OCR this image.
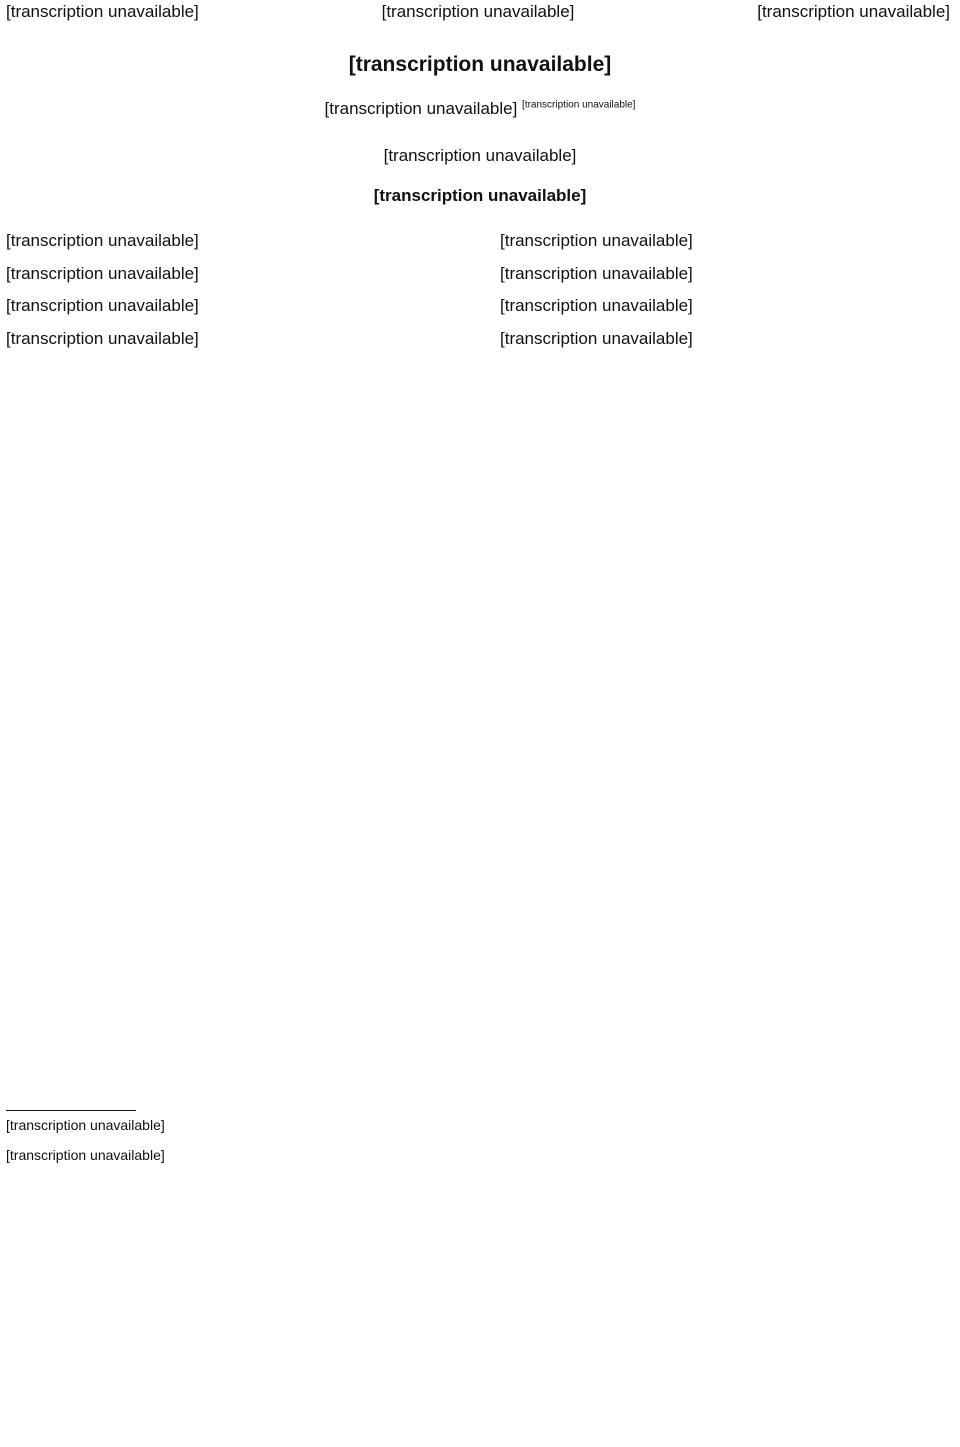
[transcription unavailable]	[transcription unavailable]	[transcription unavailable]
[transcription unavailable]
[transcription unavailable] [transcription unavailable]
[transcription unavailable]
[transcription unavailable]
[transcription unavailable]
[transcription unavailable]
[transcription unavailable]
[transcription unavailable]
[transcription unavailable]
[transcription unavailable]
[transcription unavailable]
[transcription unavailable]
[transcription unavailable]
[transcription unavailable]
